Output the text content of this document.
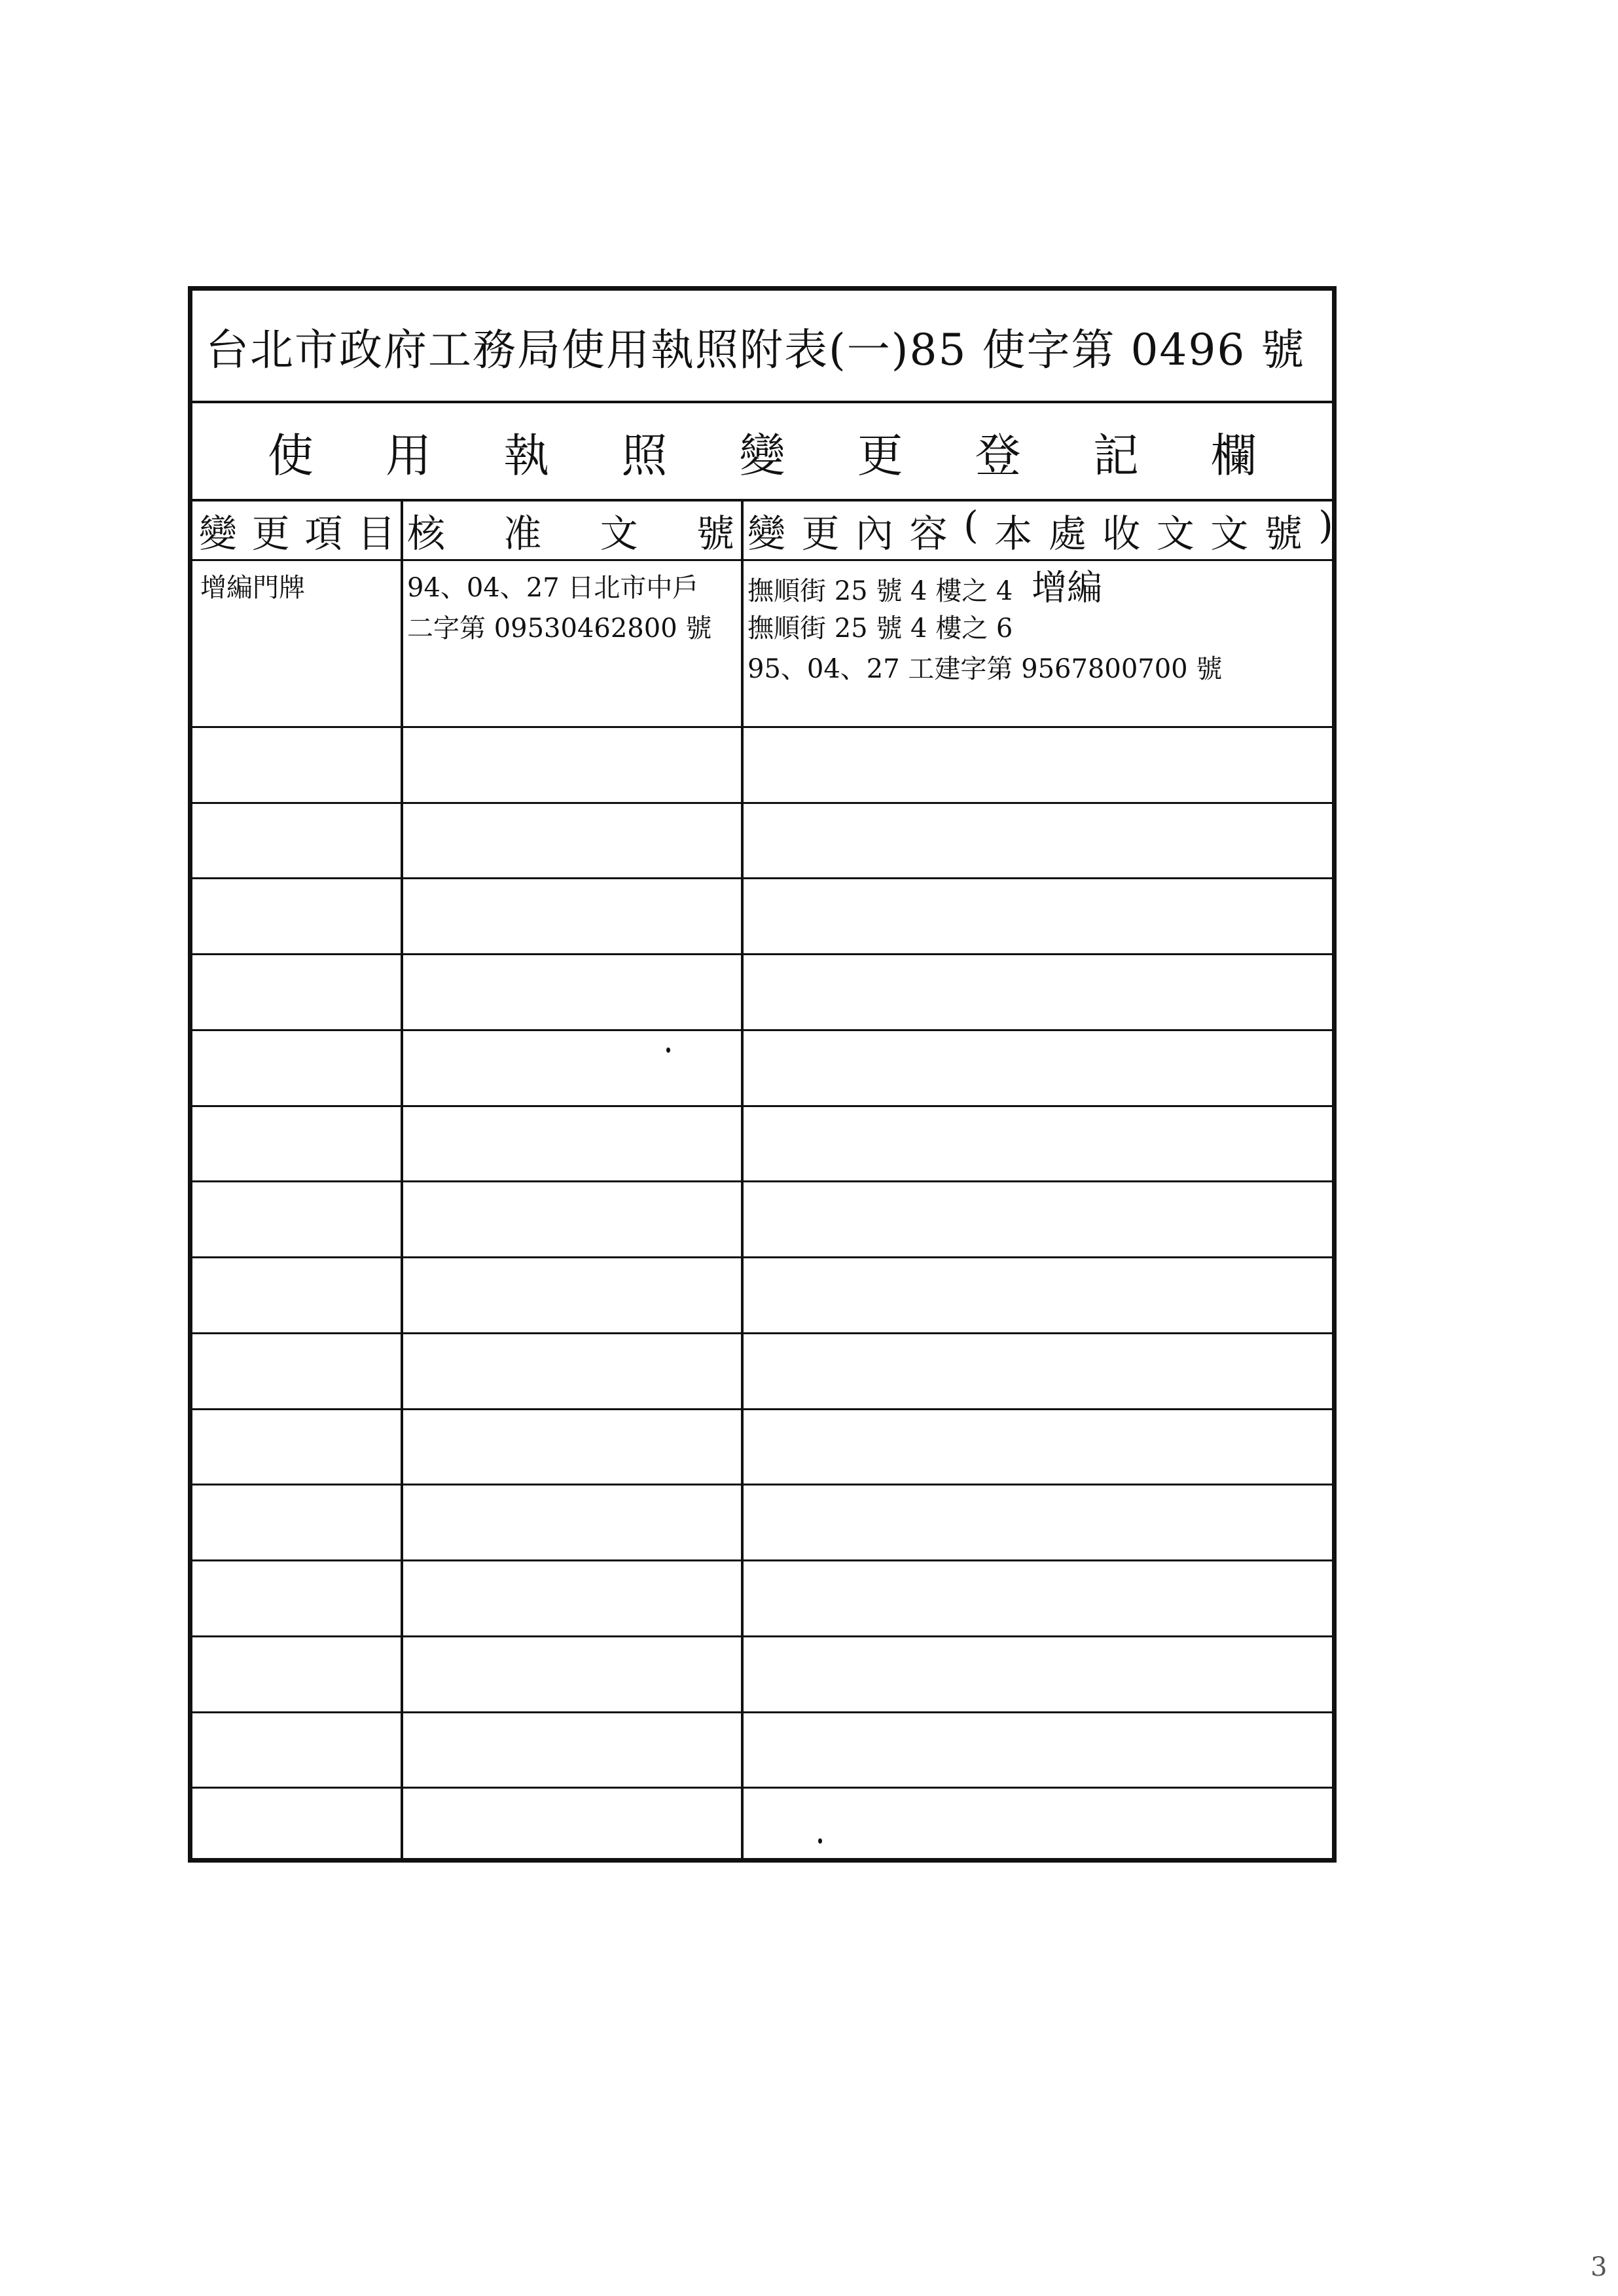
台北市政府工務局使用執照附表(一)85 使字第 0496 號
使 用 執 照 變 更 登 記 欄
變 更 項 目 核 准 文 號 變 更 內 容 ( 本 處 收 文 文 號 )
增編門牌	94、04、27 日北市中戶
二字第 09530462800 號
撫順街 25 號 4 樓之 4 增編
撫順街 25 號 4 樓之 6
95、04、27 工建字第 9567800700 號
3
